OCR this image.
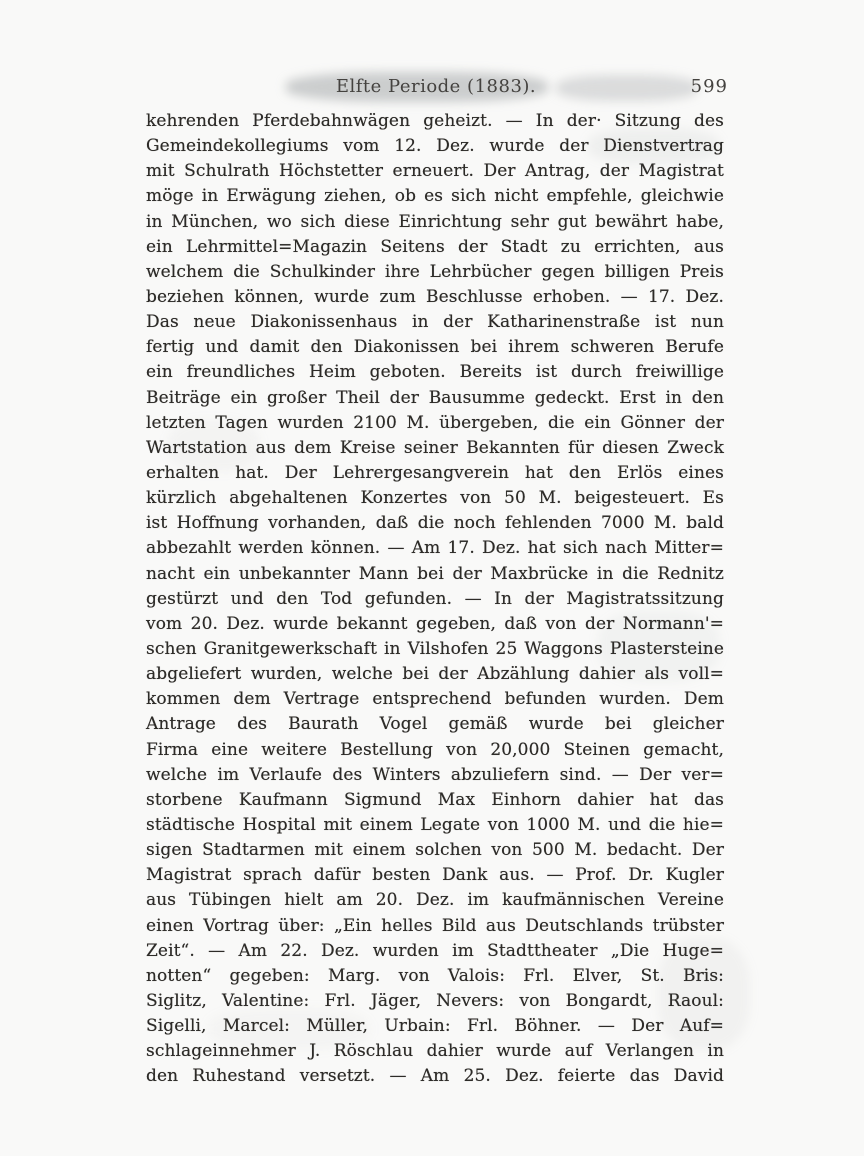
Elfte Periode (1883).	599
kehrenden Pferdebahnwägen geheizt. — In der· Sitzung des
Gemeindekollegiums vom 12. Dez. wurde der Dienstvertrag
mit Schulrath Höchstetter erneuert. Der Antrag, der Magistrat
möge in Erwägung ziehen, ob es sich nicht empfehle, gleichwie
in München, wo sich diese Einrichtung sehr gut bewährt habe,
ein Lehrmittel=Magazin Seitens der Stadt zu errichten, aus
welchem die Schulkinder ihre Lehrbücher gegen billigen Preis
beziehen können, wurde zum Beschlusse erhoben. — 17. Dez.
Das neue Diakonissenhaus in der Katharinenstraße ist nun
fertig und damit den Diakonissen bei ihrem schweren Berufe
ein freundliches Heim geboten. Bereits ist durch freiwillige
Beiträge ein großer Theil der Bausumme gedeckt. Erst in den
letzten Tagen wurden 2100 M. übergeben, die ein Gönner der
Wartstation aus dem Kreise seiner Bekannten für diesen Zweck
erhalten hat. Der Lehrergesangverein hat den Erlös eines
kürzlich abgehaltenen Konzertes von 50 M. beigesteuert. Es
ist Hoffnung vorhanden, daß die noch fehlenden 7000 M. bald
abbezahlt werden können. — Am 17. Dez. hat sich nach Mitter=
nacht ein unbekannter Mann bei der Maxbrücke in die Rednitz
gestürzt und den Tod gefunden. — In der Magistratssitzung
vom 20. Dez. wurde bekannt gegeben, daß von der Normann'=
schen Granitgewerkschaft in Vilshofen 25 Waggons Plastersteine
abgeliefert wurden, welche bei der Abzählung dahier als voll=
kommen dem Vertrage entsprechend befunden wurden. Dem
Antrage des Baurath Vogel gemäß wurde bei gleicher
Firma eine weitere Bestellung von 20,000 Steinen gemacht,
welche im Verlaufe des Winters abzuliefern sind. — Der ver=
storbene Kaufmann Sigmund Max Einhorn dahier hat das
städtische Hospital mit einem Legate von 1000 M. und die hie=
sigen Stadtarmen mit einem solchen von 500 M. bedacht. Der
Magistrat sprach dafür besten Dank aus. — Prof. Dr. Kugler
aus Tübingen hielt am 20. Dez. im kaufmännischen Vereine
einen Vortrag über: „Ein helles Bild aus Deutschlands trübster
Zeit“. — Am 22. Dez. wurden im Stadttheater „Die Huge=
notten“ gegeben: Marg. von Valois: Frl. Elver, St. Bris:
Siglitz, Valentine: Frl. Jäger, Nevers: von Bongardt, Raoul:
Sigelli, Marcel: Müller, Urbain: Frl. Böhner. — Der Auf=
schlageinnehmer J. Röschlau dahier wurde auf Verlangen in
den Ruhestand versetzt. — Am 25. Dez. feierte das David
